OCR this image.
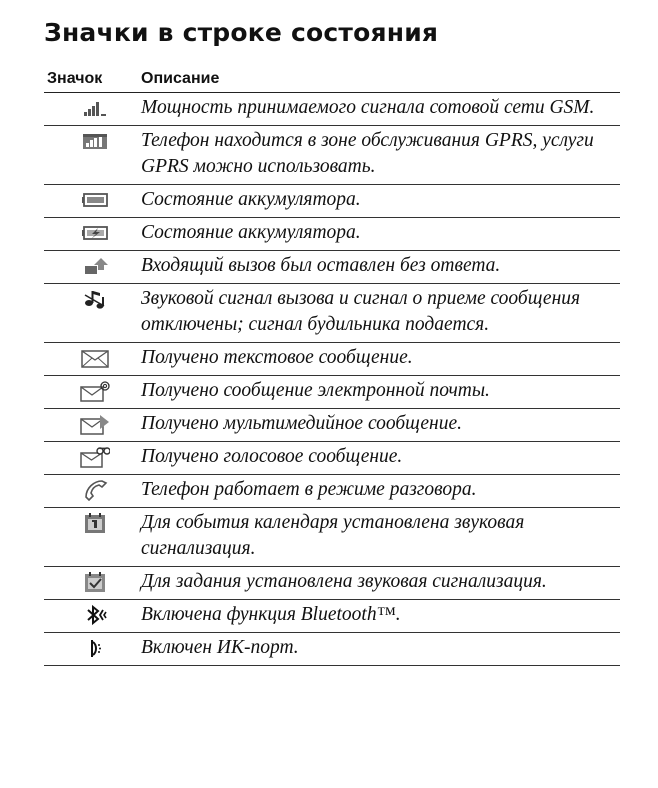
Значки в строке состояния
Значок	Описание

	Мощность принимаемого сигнала сотовой сети GSM.

	Телефон находится в зоне обслуживания GPRS, услуги GPRS можно использовать.

	Состояние аккумулятора.

	Состояние аккумулятора.

	Входящий вызов был оставлен без ответа.

	Звуковой сигнал вызова и сигнал о приеме сообщения отключены; сигнал будильника подается.

	Получено текстовое сообщение.

	Получено сообщение электронной почты.

	Получено мультимедийное сообщение.

	Получено голосовое сообщение.

	Телефон работает в режиме разговора.

	Для события календаря установлена звуковая сигнализация.

	Для задания установлена звуковая сигнализация.

	Включена функция Bluetooth™.

	Включен ИК-порт.
